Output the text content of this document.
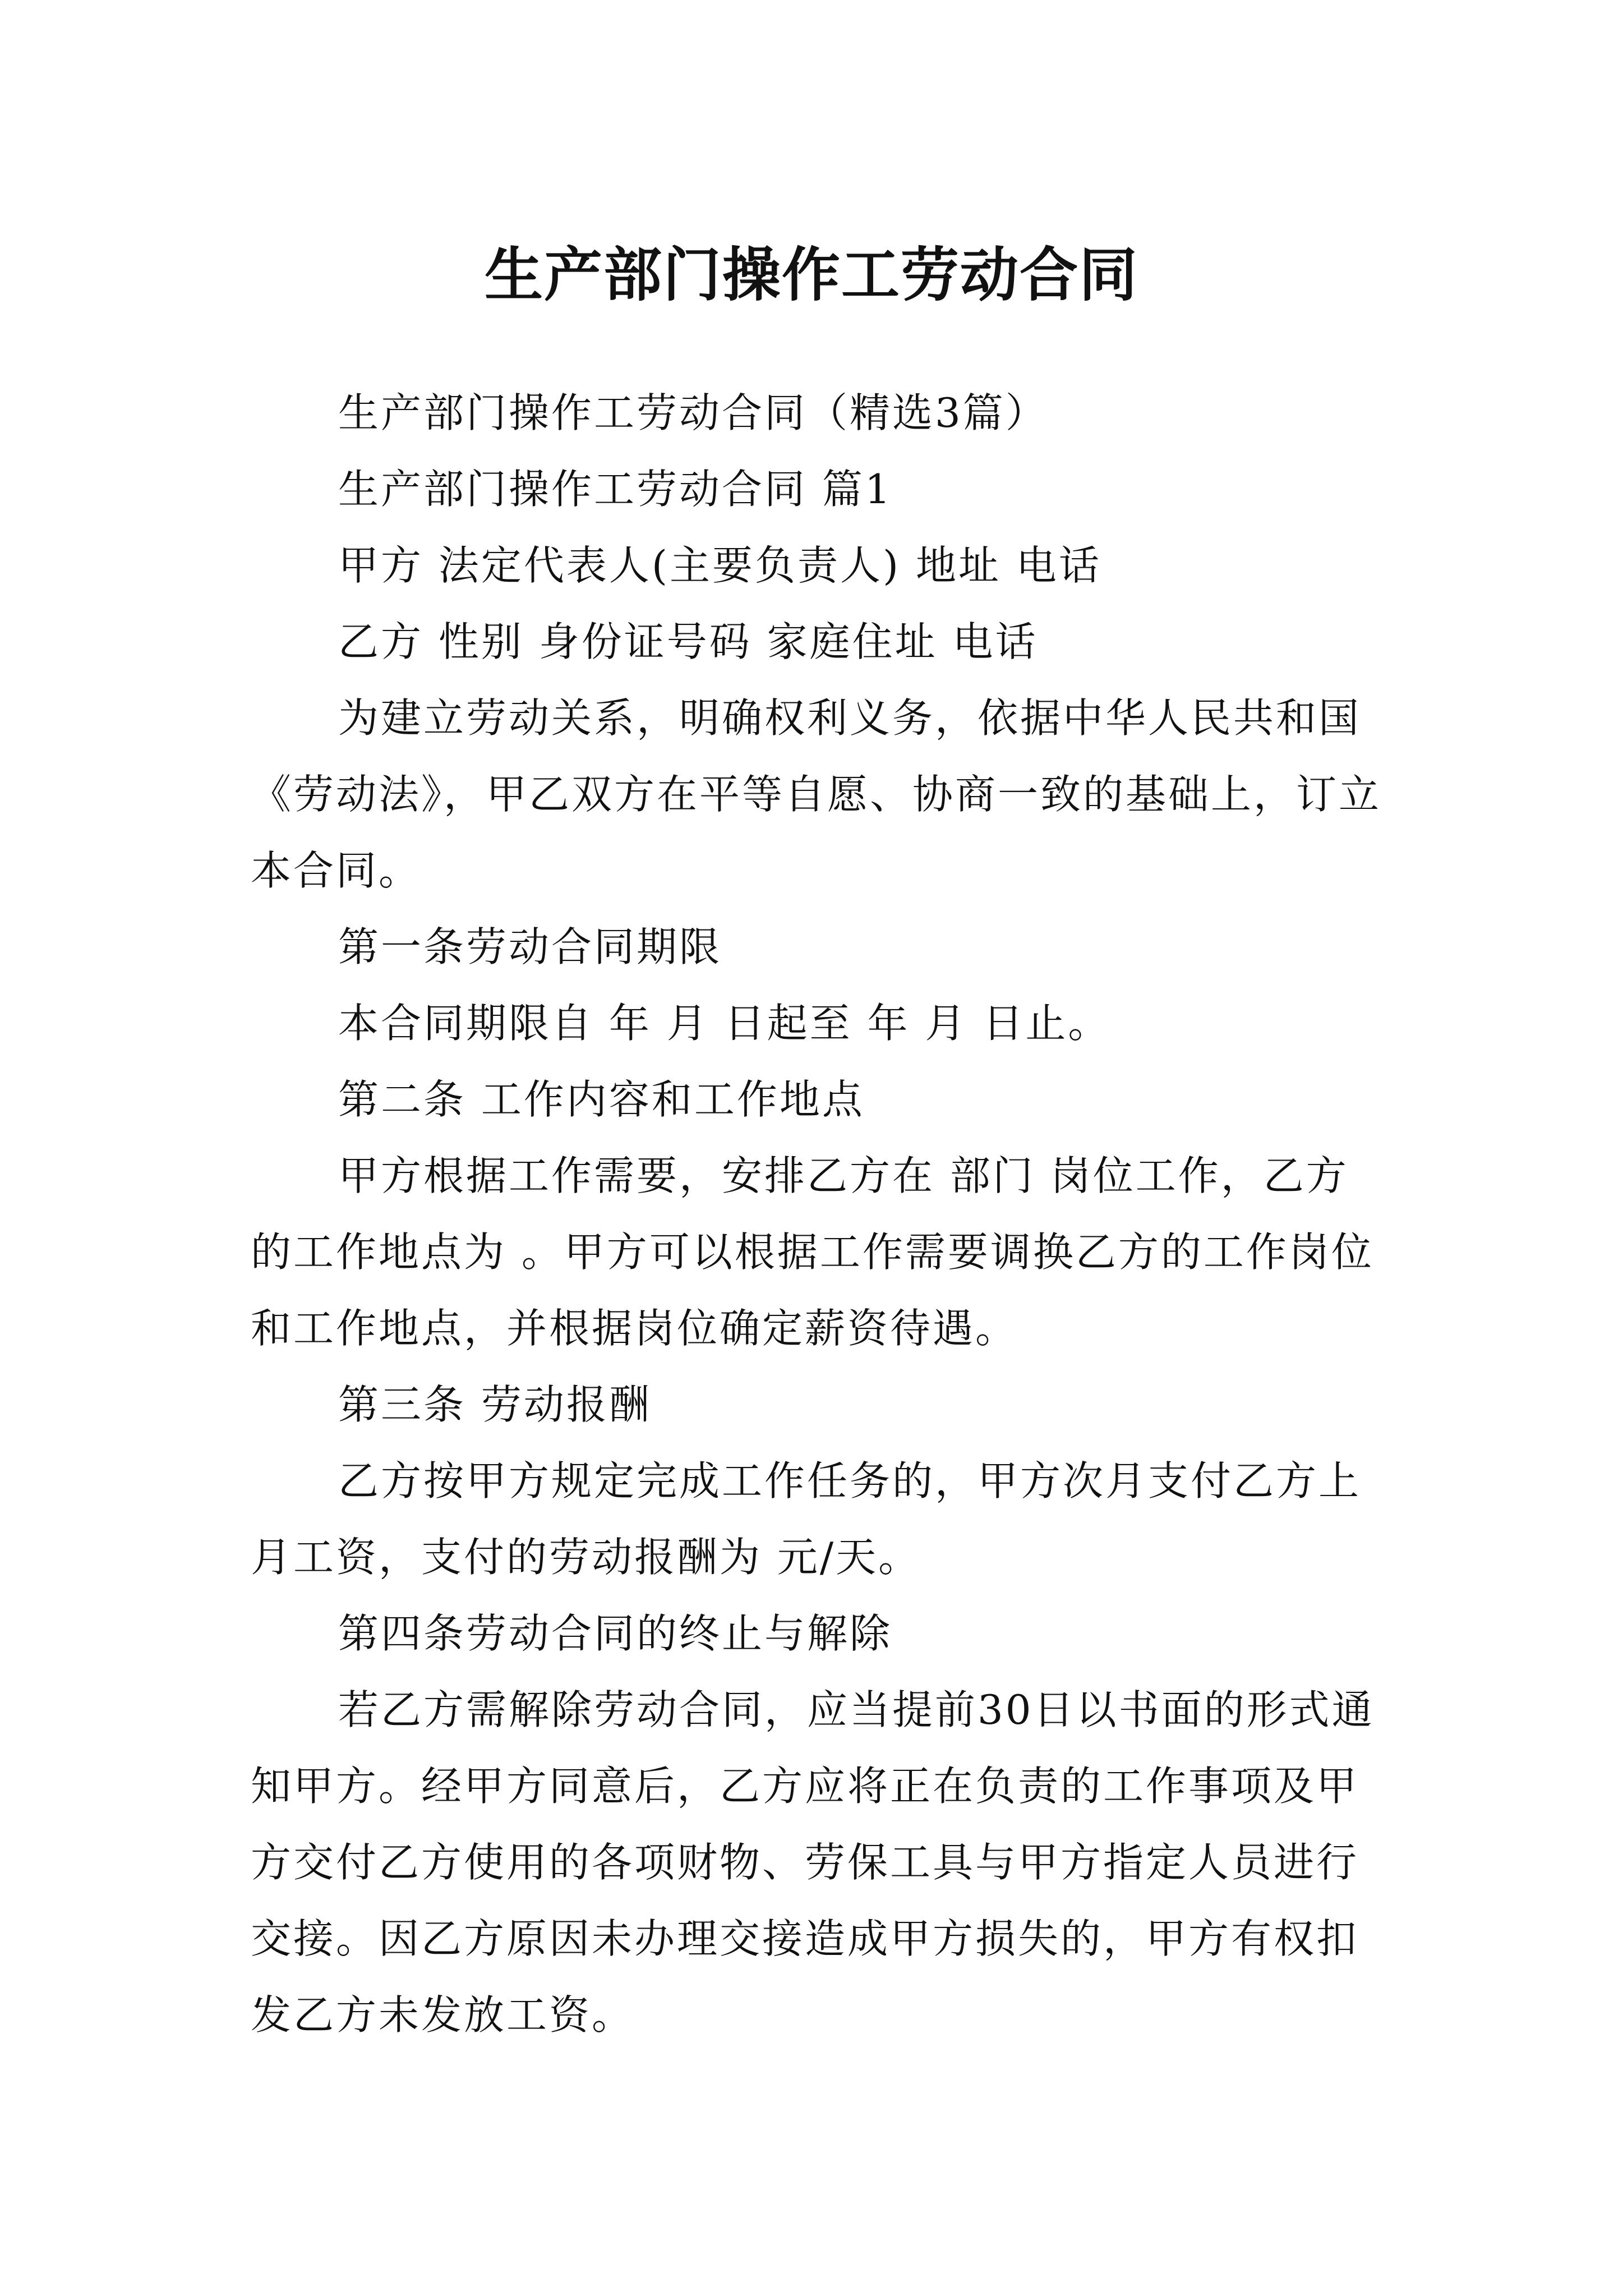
生产部门操作工劳动合同

生产部门操作工劳动合同（精选3篇）

生产部门操作工劳动合同 篇1

甲方 法定代表人(主要负责人) 地址 电话

乙方 性别 身份证号码 家庭住址 电话

为建立劳动关系，明确权利义务，依据中华人民共和国《劳动法》，甲乙双方在平等自愿、协商一致的基础上，订立本合同。

第一条劳动合同期限

本合同期限自 年 月 日起至 年 月 日止。

第二条 工作内容和工作地点

甲方根据工作需要，安排乙方在 部门 岗位工作，乙方的工作地点为 。甲方可以根据工作需要调换乙方的工作岗位和工作地点，并根据岗位确定薪资待遇。

第三条 劳动报酬

乙方按甲方规定完成工作任务的，甲方次月支付乙方上月工资，支付的劳动报酬为 元/天。

第四条劳动合同的终止与解除

若乙方需解除劳动合同，应当提前30日以书面的形式通知甲方。经甲方同意后，乙方应将正在负责的工作事项及甲方交付乙方使用的各项财物、劳保工具与甲方指定人员进行交接。因乙方原因未办理交接造成甲方损失的，甲方有权扣发乙方未发放工资。
